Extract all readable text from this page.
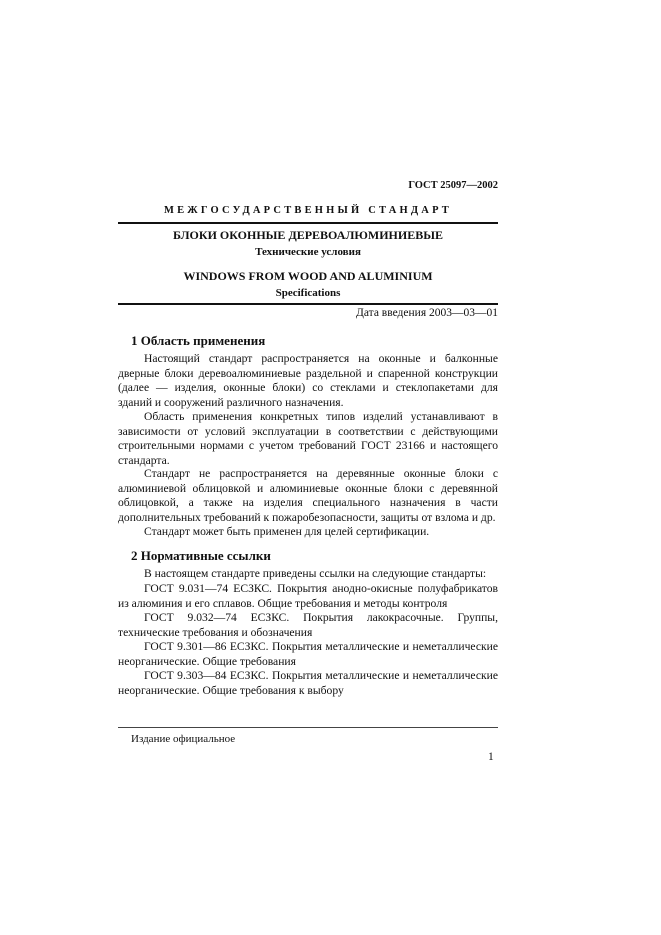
ГОСТ 25097—2002
МЕЖГОСУДАРСТВЕННЫЙ СТАНДАРТ
БЛОКИ ОКОННЫЕ ДЕРЕВОАЛЮМИНИЕВЫЕ
Технические условия
WINDOWS FROM WOOD AND ALUMINIUM
Specifications
Дата введения 2003—03—01
1 Область применения

Настоящий стандарт распространяется на оконные и балконные дверные блоки деревоалюминиевые раздельной и спаренной конструкции (далее — изделия, оконные блоки) со стеклами и стеклопакетами для зданий и сооружений различного назначения.

Область применения конкретных типов изделий устанавливают в зависимости от условий эксплуатации в соответствии с действующими строительными нормами с учетом требований ГОСТ 23166 и настоящего стандарта.

Стандарт не распространяется на деревянные оконные блоки с алюминиевой облицовкой и алюминиевые оконные блоки с деревянной облицовкой, а также на изделия специального назначения в части дополнительных требований к пожаробезопасности, защиты от взлома и др.

Стандарт может быть применен для целей сертификации.

2 Нормативные ссылки

В настоящем стандарте приведены ссылки на следующие стандарты:

ГОСТ 9.031—74 ЕСЗКС. Покрытия анодно-окисные полуфабрикатов из алюминия и его сплавов. Общие требования и методы контроля

ГОСТ 9.032—74 ЕСЗКС. Покрытия лакокрасочные. Группы, технические требования и обозначения

ГОСТ 9.301—86 ЕСЗКС. Покрытия металлические и неметаллические неорганические. Общие требования

ГОСТ 9.303—84 ЕСЗКС. Покрытия металлические и неметаллические неорганические. Общие требования к выбору

Издание официальное
1
